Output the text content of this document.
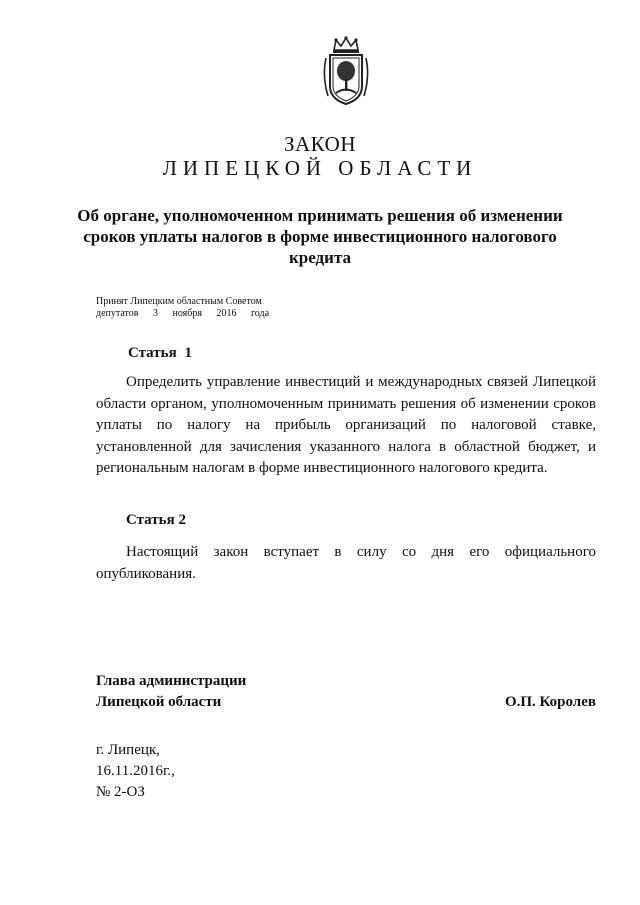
ЗАКОН
ЛИПЕЦКОЙ ОБЛАСТИ
Об органе, уполномоченном принимать решения об изменении сроков уплаты налогов в форме инвестиционного налогового кредита
Принят Липецким областным Советом
депутатов 3 ноября 2016 года
Статья 1
Определить управление инвестиций и международных связей Липецкой области органом, уполномоченным принимать решения об изменении сроков уплаты по налогу на прибыль организаций по налоговой ставке, установленной для зачисления указанного налога в областной бюджет, и региональным налогам в форме инвестиционного налогового кредита.
Статья 2
Настоящий закон вступает в силу со дня его официального опубликования.
Глава администрации
Липецкой области	О.П. Королев
г. Липецк,
16.11.2016г.,
№ 2-ОЗ
